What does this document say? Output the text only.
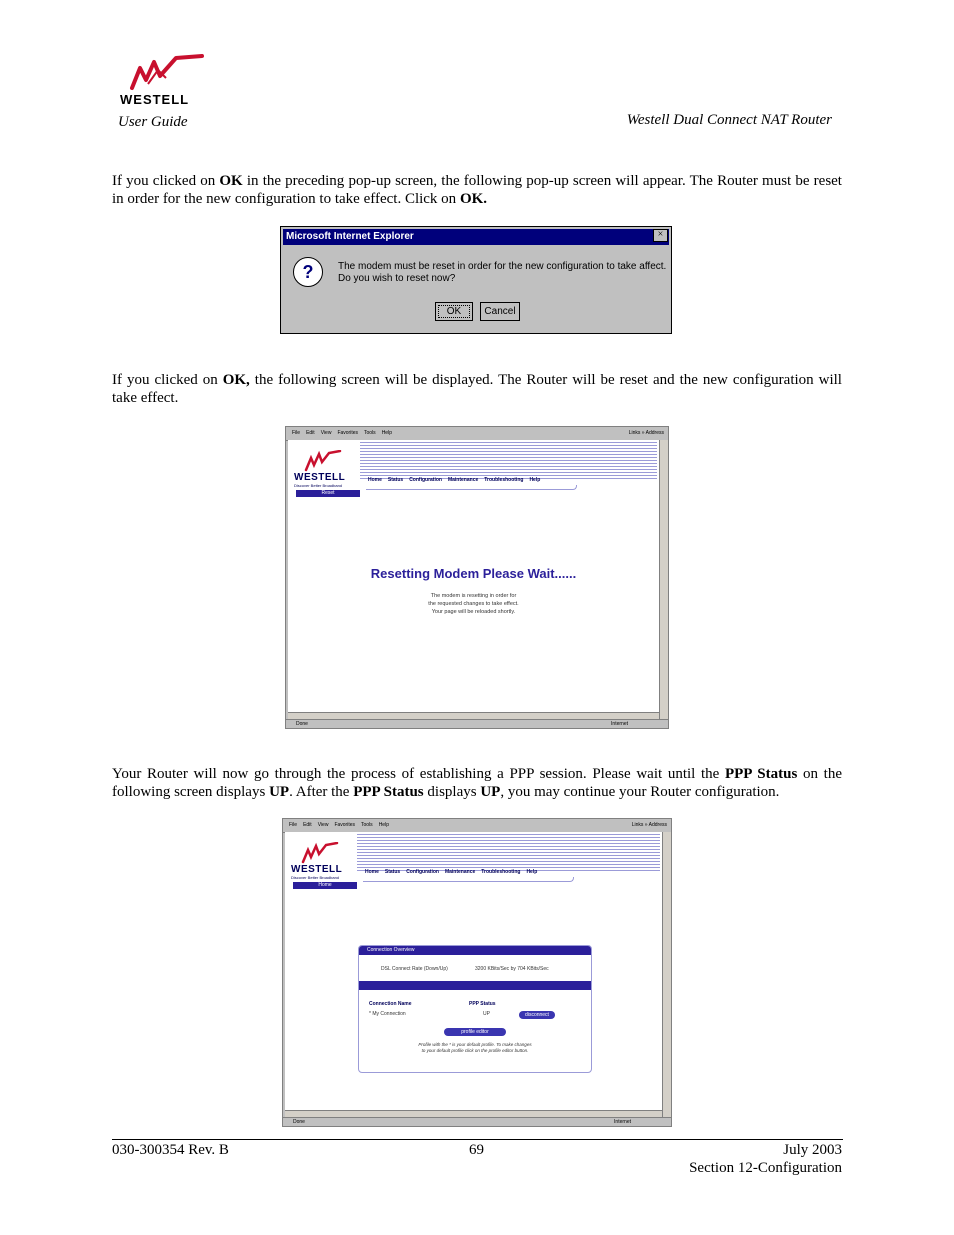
WESTELL
User Guide	Westell Dual Connect NAT Router
If you clicked on OK in the preceding pop-up screen, the following pop-up screen will appear. The Router must be reset in order for the new configuration to take effect. Click on OK.
Microsoft Internet Explorer	×
?	The modem must be reset in order for the new configuration to take affect.
Do you wish to reset now?
OK	Cancel
If you clicked on OK, the following screen will be displayed. The Router will be reset and the new configuration will take effect.
File Edit View Favorites Tools Help	Links » Address
WESTELL
Discover Better Broadband
Home Status Configuration Maintenance Troubleshooting Help
Reset
Resetting Modem Please Wait......
The modem is resetting in order for
the requested changes to take effect.
Your page will be reloaded shortly.
Done	Internet
Your Router will now go through the process of establishing a PPP session. Please wait until the PPP Status on the following screen displays UP. After the PPP Status displays UP, you may continue your Router configuration.
File Edit View Favorites Tools Help	Links » Address
WESTELL
Discover Better Broadband
Home Status Configuration Maintenance Troubleshooting Help
Home
Connection Overview
DSL Connect Rate (Down/Up)	3200 KBits/Sec by 704 KBits/Sec
Connection Name	PPP Status
* My Connection	UP	disconnect
profile editor
Profile with the * is your default profile. To make changes
to your default profile click on the profile editor button.
Done	Internet
030-300354 Rev. B	69	July 2003
Section 12-Configuration
